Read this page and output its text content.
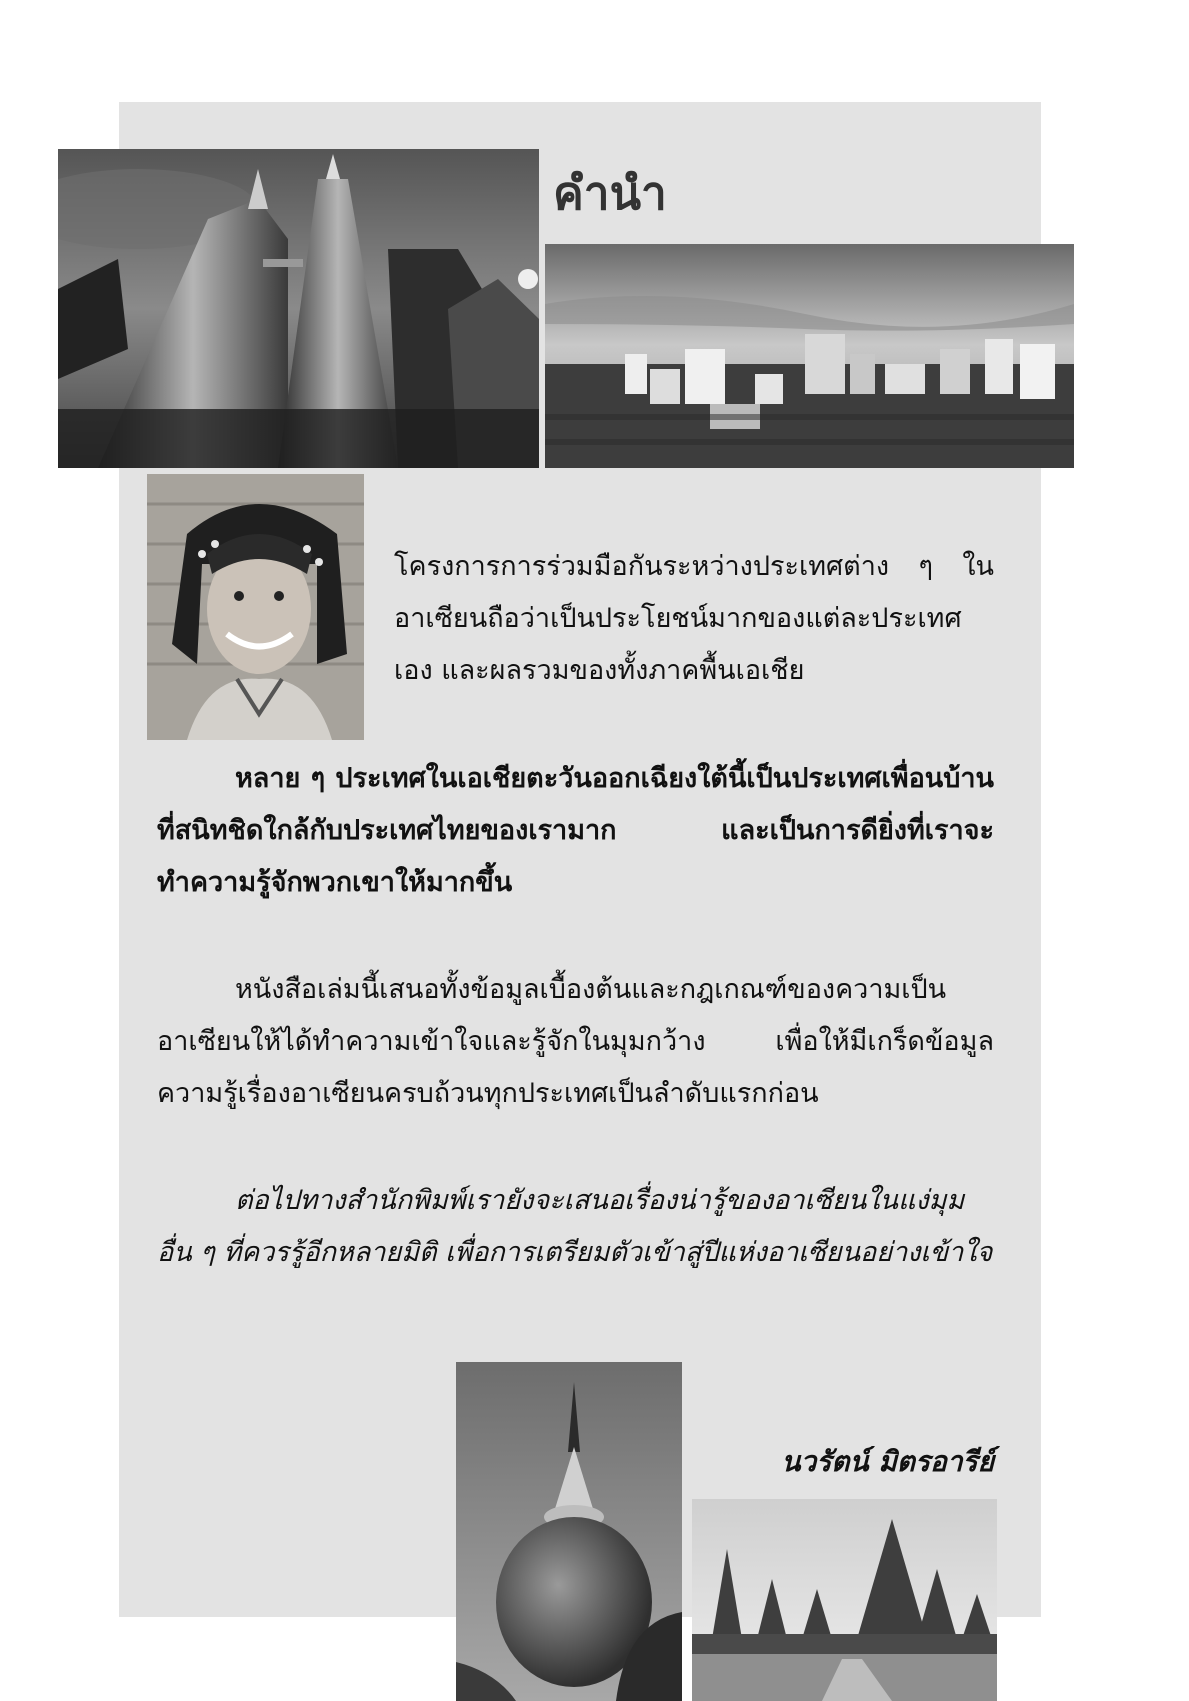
คำนำ

โครงการการร่วมมือกันระหว่างประเทศต่าง ๆ ในอาเซียนถือว่าเป็นประโยชน์มากของแต่ละประเทศเอง และผลรวมของทั้งภาคพื้นเอเชีย

หลาย ๆ ประเทศในเอเชียตะวันออกเฉียงใต้นี้เป็นประเทศเพื่อนบ้านที่สนิทชิดใกล้กับประเทศไทยของเรามาก และเป็นการดียิ่งที่เราจะทำความรู้จักพวกเขาให้มากขึ้น

หนังสือเล่มนี้เสนอทั้งข้อมูลเบื้องต้นและกฎเกณฑ์ของความเป็นอาเซียนให้ได้ทำความเข้าใจและรู้จักในมุมกว้าง เพื่อให้มีเกร็ดข้อมูลความรู้เรื่องอาเซียนครบถ้วนทุกประเทศเป็นลำดับแรกก่อน

ต่อไปทางสำนักพิมพ์เรายังจะเสนอเรื่องน่ารู้ของอาเซียนในแง่มุมอื่น ๆ ที่ควรรู้อีกหลายมิติ เพื่อการเตรียมตัวเข้าสู่ปีแห่งอาเซียนอย่างเข้าใจ

นวรัตน์ มิตรอารีย์
